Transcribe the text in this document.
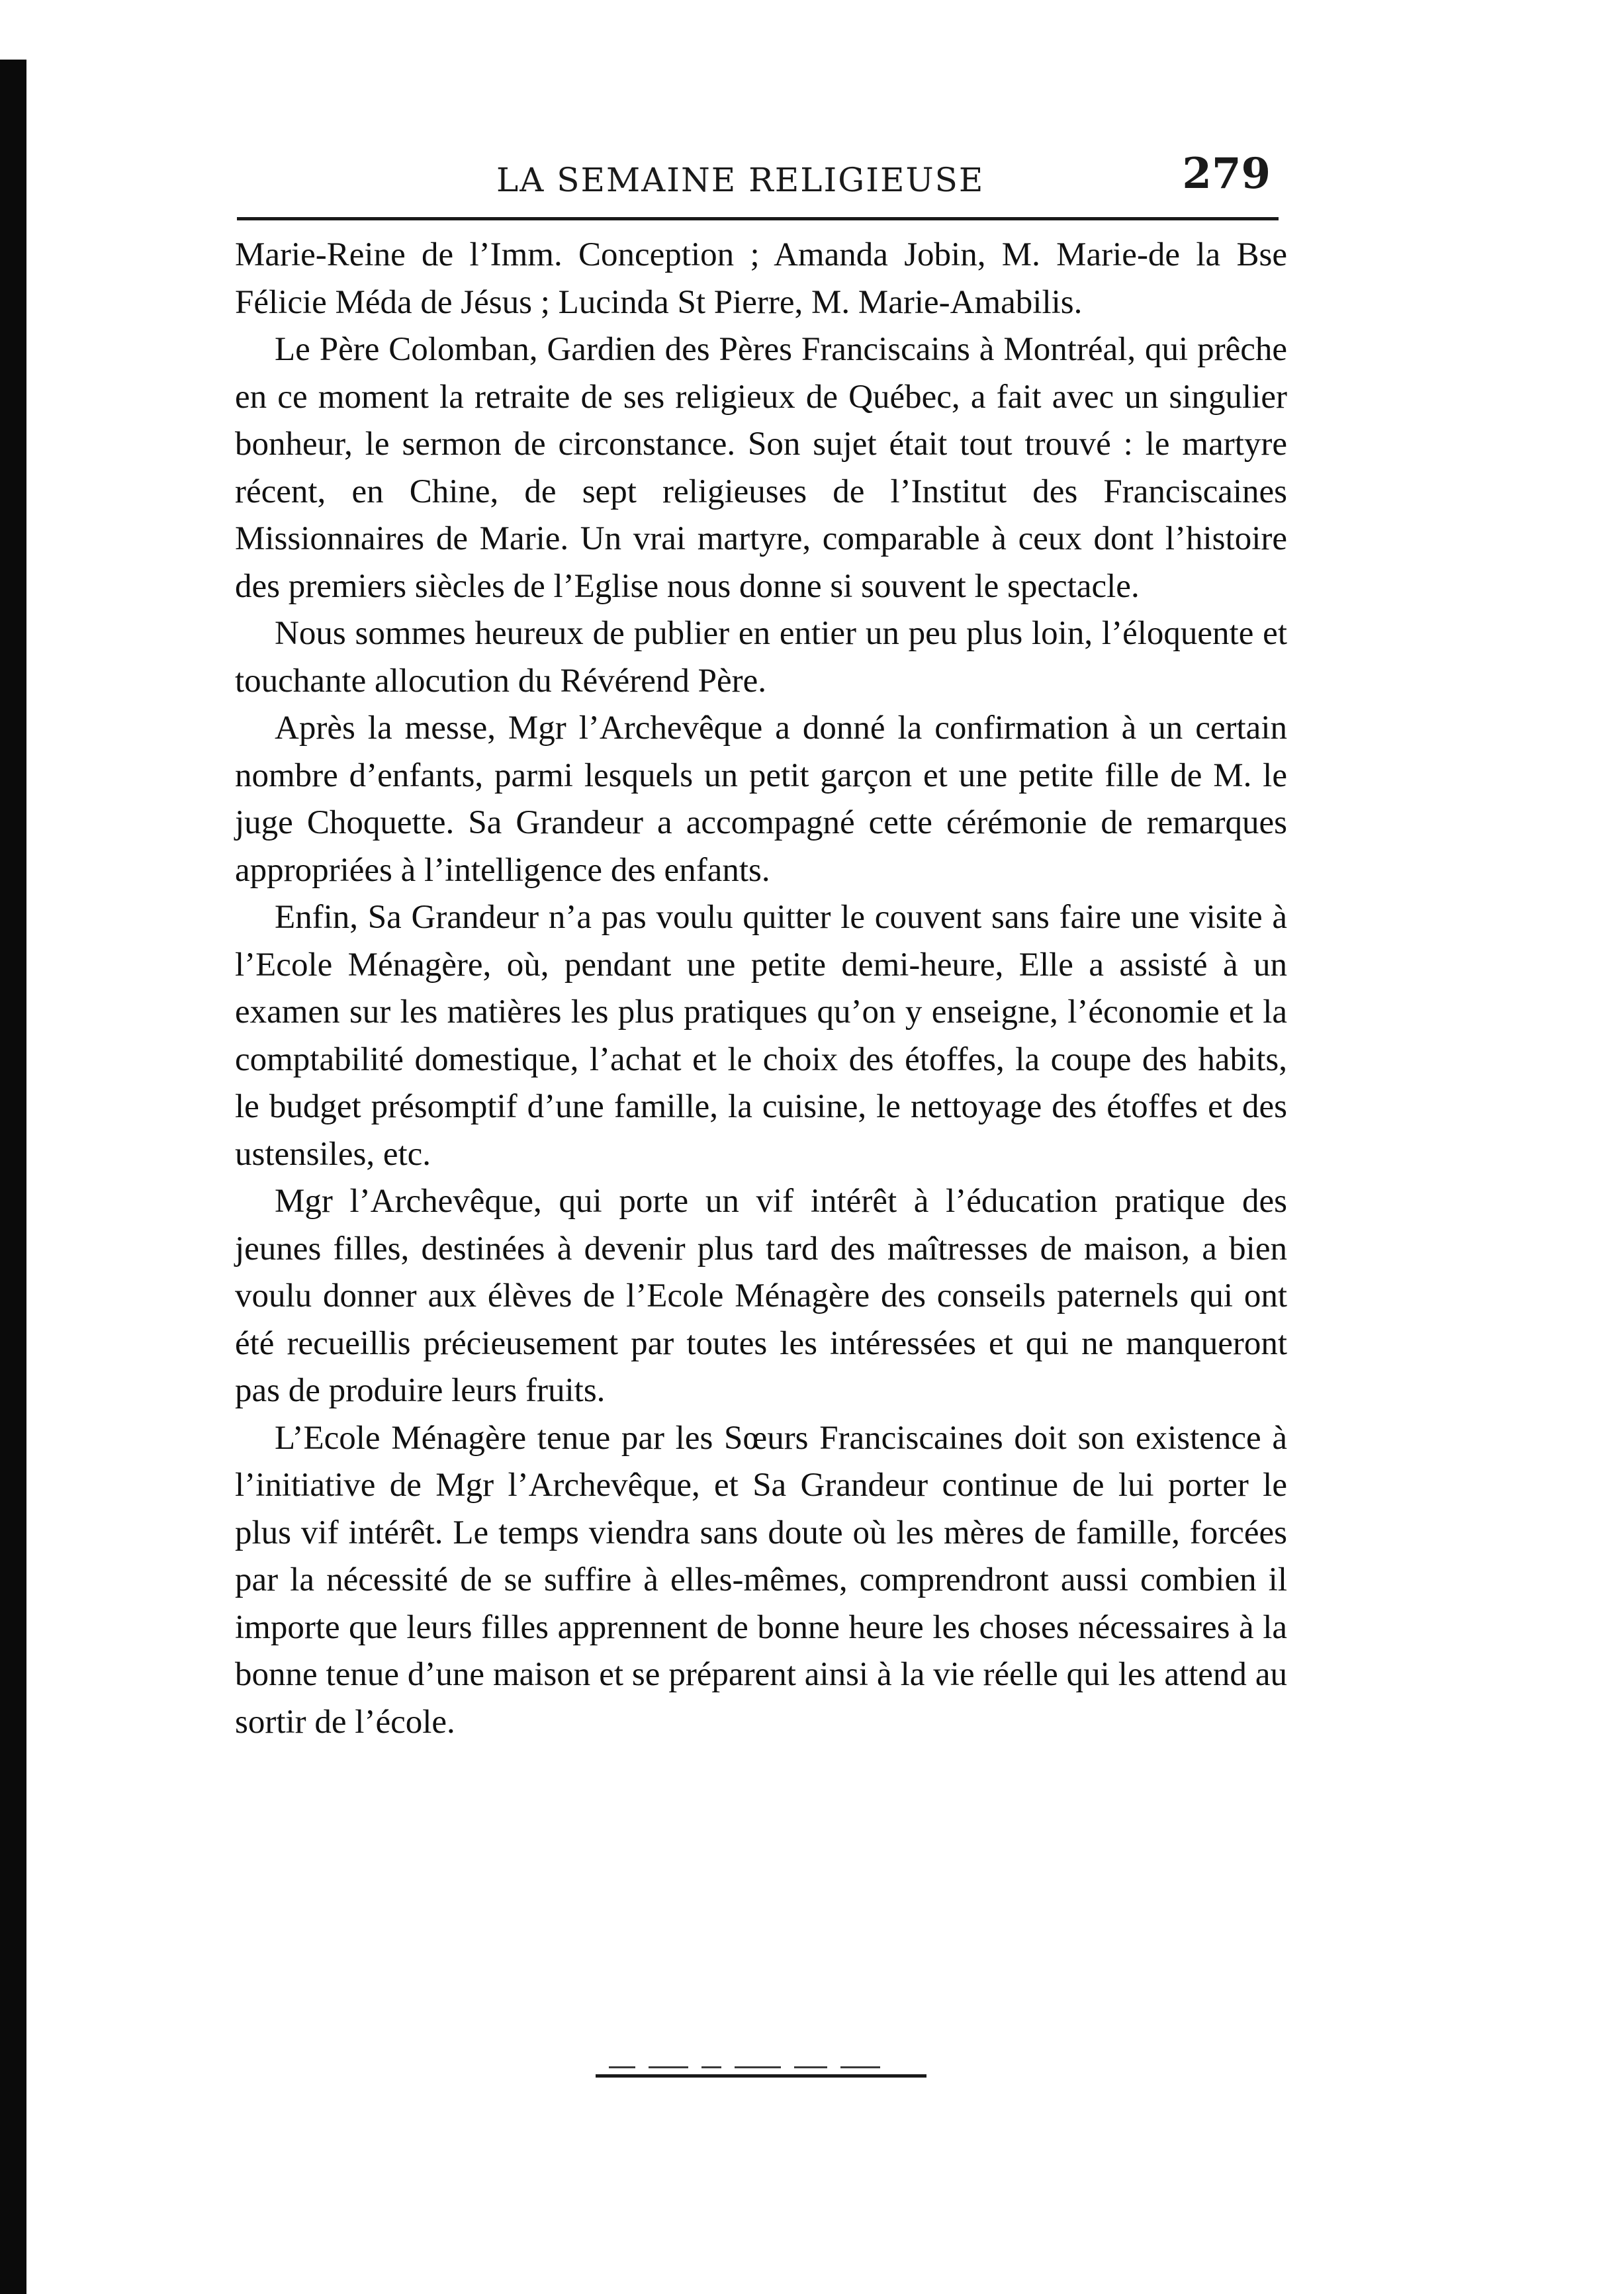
LA SEMAINE RELIGIEUSE	279

Marie-Reine de l’Imm. Conception ; Amanda Jobin, M. Marie-de la Bse Félicie Méda de Jésus ; Lucinda St Pierre, M. Marie-Amabilis.

Le Père Colomban, Gardien des Pères Franciscains à Montréal, qui prêche en ce moment la retraite de ses religieux de Québec, a fait avec un singulier bonheur, le sermon de circonstance. Son sujet était tout trouvé : le martyre récent, en Chine, de sept religieuses de l’Institut des Franciscaines Missionnaires de Marie. Un vrai martyre, comparable à ceux dont l’histoire des premiers siècles de l’Eglise nous donne si souvent le spectacle.

Nous sommes heureux de publier en entier un peu plus loin, l’éloquente et touchante allocution du Révérend Père.

Après la messe, Mgr l’Archevêque a donné la confirmation à un certain nombre d’enfants, parmi lesquels un petit garçon et une petite fille de M. le juge Choquette. Sa Grandeur a accompagné cette cérémonie de remarques appropriées à l’intelligence des enfants.

Enfin, Sa Grandeur n’a pas voulu quitter le couvent sans faire une visite à l’Ecole Ménagère, où, pendant une petite demi-heure, Elle a assisté à un examen sur les matières les plus pratiques qu’on y enseigne, l’économie et la comptabilité domestique, l’achat et le choix des étoffes, la coupe des habits, le budget présomptif d’une famille, la cuisine, le nettoyage des étoffes et des ustensiles, etc.

Mgr l’Archevêque, qui porte un vif intérêt à l’éducation pratique des jeunes filles, destinées à devenir plus tard des maîtresses de maison, a bien voulu donner aux élèves de l’Ecole Ménagère des conseils paternels qui ont été recueillis précieusement par toutes les intéressées et qui ne manqueront pas de produire leurs fruits.

L’Ecole Ménagère tenue par les Sœurs Franciscaines doit son existence à l’initiative de Mgr l’Archevêque, et Sa Grandeur continue de lui porter le plus vif intérêt. Le temps viendra sans doute où les mères de famille, forcées par la nécessité de se suffire à elles-mêmes, comprendront aussi combien il importe que leurs filles apprennent de bonne heure les choses nécessaires à la bonne tenue d’une maison et se préparent ainsi à la vie réelle qui les attend au sortir de l’école.
